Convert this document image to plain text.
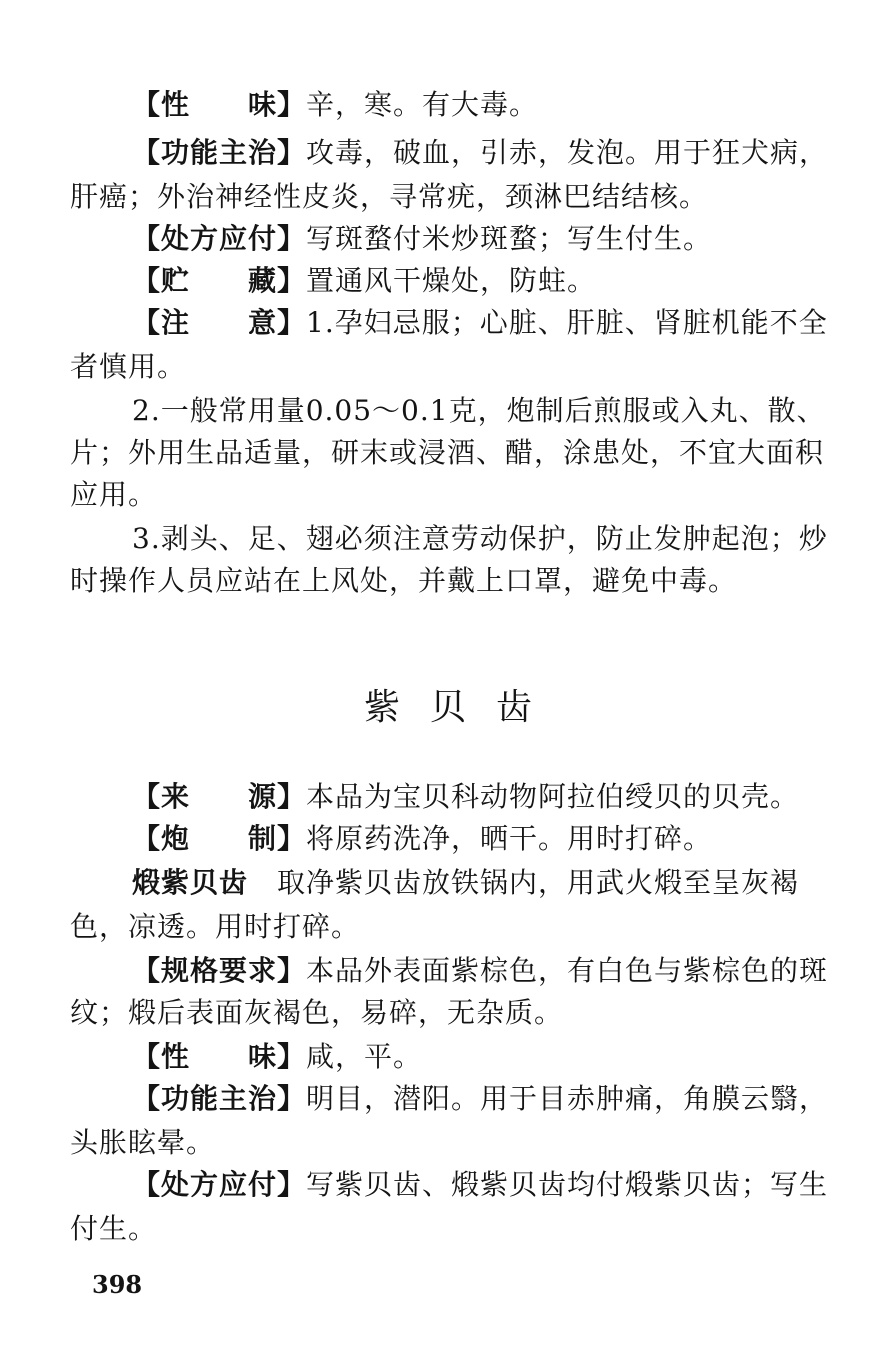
【性　　味】辛，寒。有大毒。
【功能主治】攻毒，破血，引赤，发泡。用于狂犬病，
肝癌；外治神经性皮炎，寻常疣，颈淋巴结结核。
【处方应付】写斑蝥付米炒斑蝥；写生付生。
【贮　　藏】置通风干燥处，防蛀。
【注　　意】1.孕妇忌服；心脏、肝脏、肾脏机能不全
者慎用。
2.一般常用量0.05～0.1克，炮制后煎服或入丸、散、
片；外用生品适量，研末或浸酒、醋，涂患处，不宜大面积
应用。
3.剥头、足、翅必须注意劳动保护，防止发肿起泡；炒
时操作人员应站在上风处，并戴上口罩，避免中毒。
紫贝齿
【来　　源】本品为宝贝科动物阿拉伯绶贝的贝壳。
【炮　　制】将原药洗净，晒干。用时打碎。
煅紫贝齿　取净紫贝齿放铁锅内，用武火煅至呈灰褐
色，凉透。用时打碎。
【规格要求】本品外表面紫棕色，有白色与紫棕色的斑
纹；煅后表面灰褐色，易碎，无杂质。
【性　　味】咸，平。
【功能主治】明目，潜阳。用于目赤肿痛，角膜云翳，
头胀眩晕。
【处方应付】写紫贝齿、煅紫贝齿均付煅紫贝齿；写生
付生。
398
